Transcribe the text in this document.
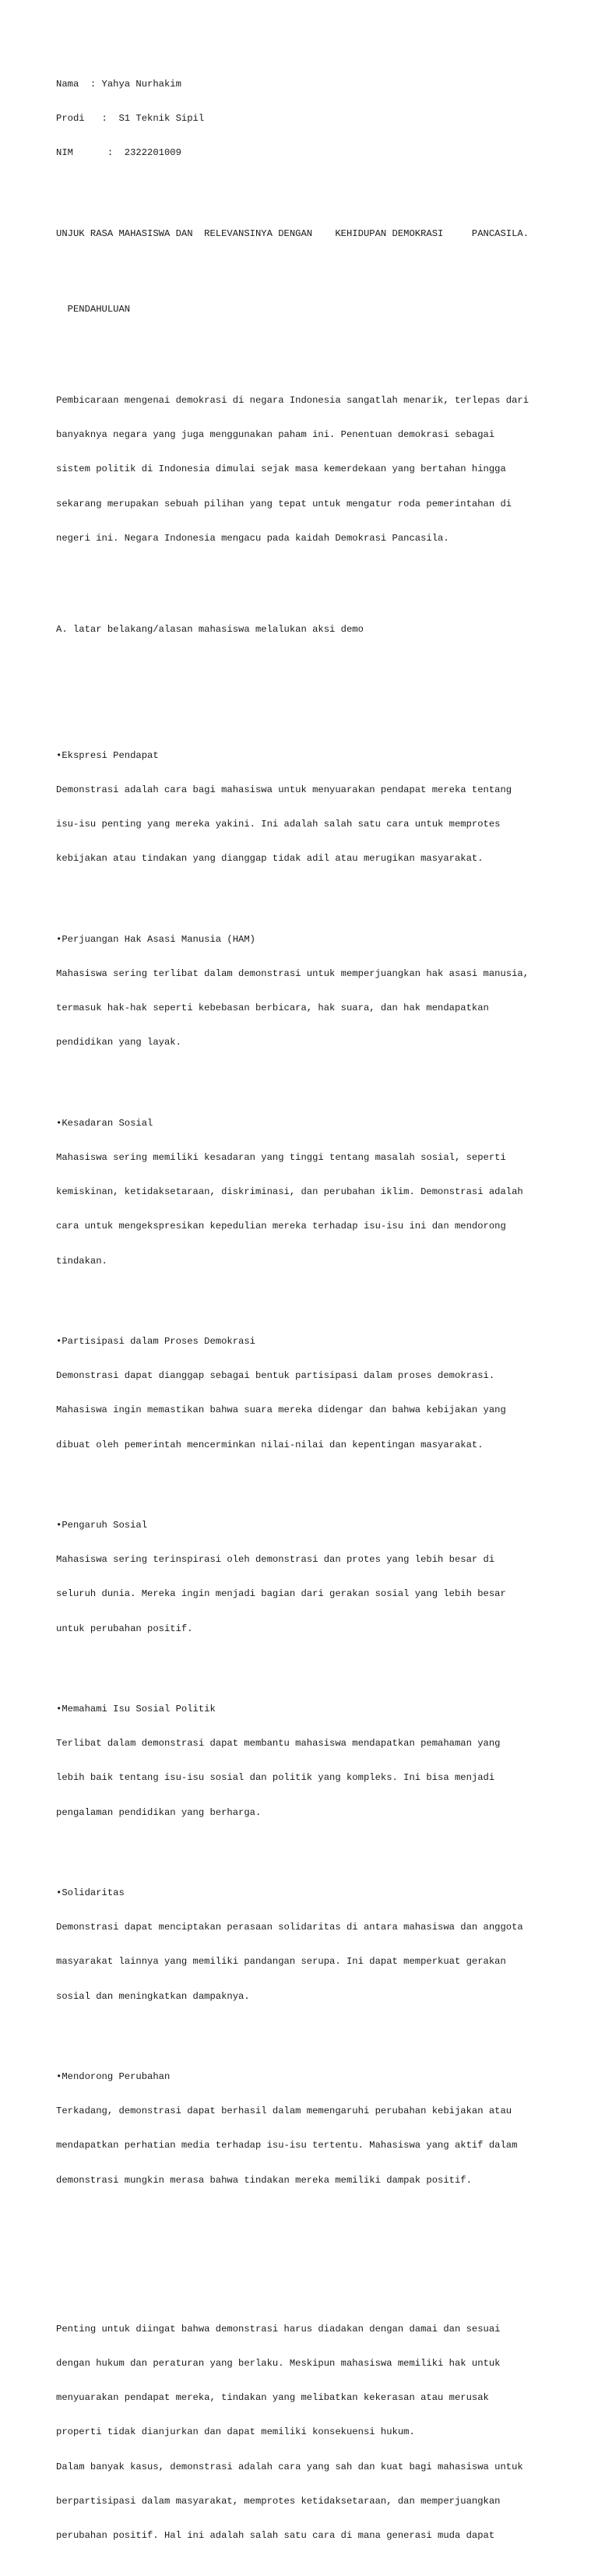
Nama  : Yahya Nurhakim

Prodi   :  S1 Teknik Sipil

NIM      :  2322201009

UNJUK RASA MAHASISWA DAN  RELEVANSINYA DENGAN    KEHIDUPAN DEMOKRASI     PANCASILA.

PENDAHULUAN

Pembicaraan mengenai demokrasi di negara Indonesia sangatlah menarik, terlepas dari

banyaknya negara yang juga menggunakan paham ini. Penentuan demokrasi sebagai

sistem politik di Indonesia dimulai sejak masa kemerdekaan yang bertahan hingga

sekarang merupakan sebuah pilihan yang tepat untuk mengatur roda pemerintahan di

negeri ini. Negara Indonesia mengacu pada kaidah Demokrasi Pancasila.

A. latar belakang/alasan mahasiswa melalukan aksi demo

•Ekspresi Pendapat

Demonstrasi adalah cara bagi mahasiswa untuk menyuarakan pendapat mereka tentang

isu-isu penting yang mereka yakini. Ini adalah salah satu cara untuk memprotes

kebijakan atau tindakan yang dianggap tidak adil atau merugikan masyarakat.

•Perjuangan Hak Asasi Manusia (HAM)

Mahasiswa sering terlibat dalam demonstrasi untuk memperjuangkan hak asasi manusia,

termasuk hak-hak seperti kebebasan berbicara, hak suara, dan hak mendapatkan

pendidikan yang layak.

•Kesadaran Sosial

Mahasiswa sering memiliki kesadaran yang tinggi tentang masalah sosial, seperti

kemiskinan, ketidaksetaraan, diskriminasi, dan perubahan iklim. Demonstrasi adalah

cara untuk mengekspresikan kepedulian mereka terhadap isu-isu ini dan mendorong

tindakan.

•Partisipasi dalam Proses Demokrasi

Demonstrasi dapat dianggap sebagai bentuk partisipasi dalam proses demokrasi.

Mahasiswa ingin memastikan bahwa suara mereka didengar dan bahwa kebijakan yang

dibuat oleh pemerintah mencerminkan nilai-nilai dan kepentingan masyarakat.

•Pengaruh Sosial

Mahasiswa sering terinspirasi oleh demonstrasi dan protes yang lebih besar di

seluruh dunia. Mereka ingin menjadi bagian dari gerakan sosial yang lebih besar

untuk perubahan positif.

•Memahami Isu Sosial Politik

Terlibat dalam demonstrasi dapat membantu mahasiswa mendapatkan pemahaman yang

lebih baik tentang isu-isu sosial dan politik yang kompleks. Ini bisa menjadi

pengalaman pendidikan yang berharga.

•Solidaritas

Demonstrasi dapat menciptakan perasaan solidaritas di antara mahasiswa dan anggota

masyarakat lainnya yang memiliki pandangan serupa. Ini dapat memperkuat gerakan

sosial dan meningkatkan dampaknya.

•Mendorong Perubahan

Terkadang, demonstrasi dapat berhasil dalam memengaruhi perubahan kebijakan atau

mendapatkan perhatian media terhadap isu-isu tertentu. Mahasiswa yang aktif dalam

demonstrasi mungkin merasa bahwa tindakan mereka memiliki dampak positif.

Penting untuk diingat bahwa demonstrasi harus diadakan dengan damai dan sesuai

dengan hukum dan peraturan yang berlaku. Meskipun mahasiswa memiliki hak untuk

menyuarakan pendapat mereka, tindakan yang melibatkan kekerasan atau merusak

properti tidak dianjurkan dan dapat memiliki konsekuensi hukum.

Dalam banyak kasus, demonstrasi adalah cara yang sah dan kuat bagi mahasiswa untuk

berpartisipasi dalam masyarakat, memprotes ketidaksetaraan, dan memperjuangkan

perubahan positif. Hal ini adalah salah satu cara di mana generasi muda dapat
